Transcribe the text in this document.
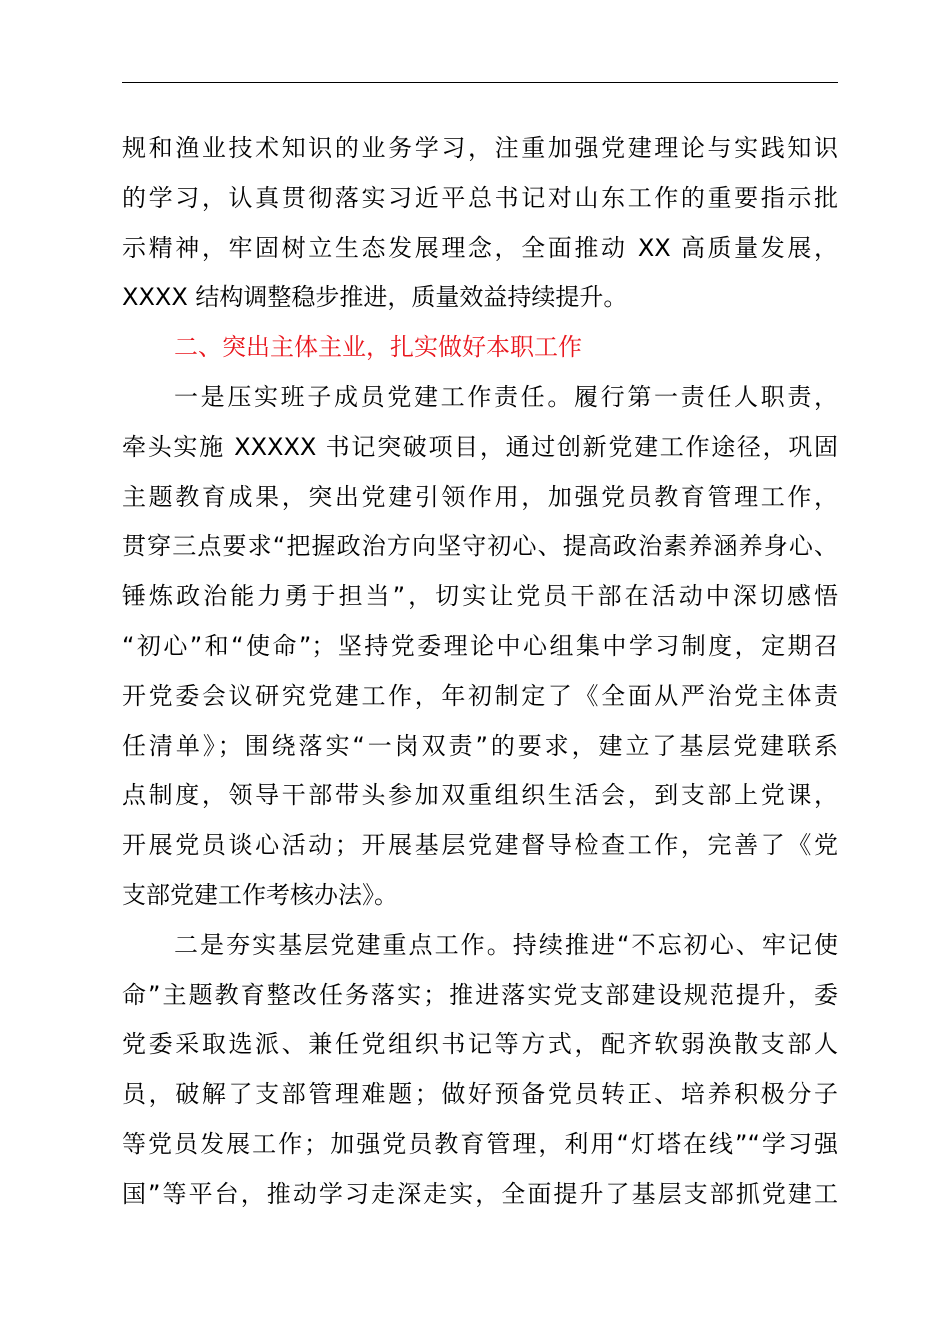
规和渔业技术知识的业务学习，注重加强党建理论与实践知识
的学习，认真贯彻落实习近平总书记对山东工作的重要指示批
示精神，牢固树立生态发展理念，全面推动 XX 高质量发展，
XXXX 结构调整稳步推进，质量效益持续提升。
二、突出主体主业，扎实做好本职工作
一是压实班子成员党建工作责任。履行第一责任人职责，
牵头实施 XXXXX 书记突破项目，通过创新党建工作途径，巩固
主题教育成果，突出党建引领作用，加强党员教育管理工作，
贯穿三点要求“把握政治方向坚守初心、提高政治素养涵养身心、
锤炼政治能力勇于担当”，切实让党员干部在活动中深切感悟
“初心”和“使命”；坚持党委理论中心组集中学习制度，定期召
开党委会议研究党建工作，年初制定了《全面从严治党主体责
任清单》；围绕落实“一岗双责”的要求，建立了基层党建联系
点制度，领导干部带头参加双重组织生活会，到支部上党课，
开展党员谈心活动；开展基层党建督导检查工作，完善了《党
支部党建工作考核办法》。
二是夯实基层党建重点工作。持续推进“不忘初心、牢记使
命”主题教育整改任务落实；推进落实党支部建设规范提升，委
党委采取选派、兼任党组织书记等方式，配齐软弱涣散支部人
员，破解了支部管理难题；做好预备党员转正、培养积极分子
等党员发展工作；加强党员教育管理，利用“灯塔在线”“学习强
国”等平台，推动学习走深走实，全面提升了基层支部抓党建工
